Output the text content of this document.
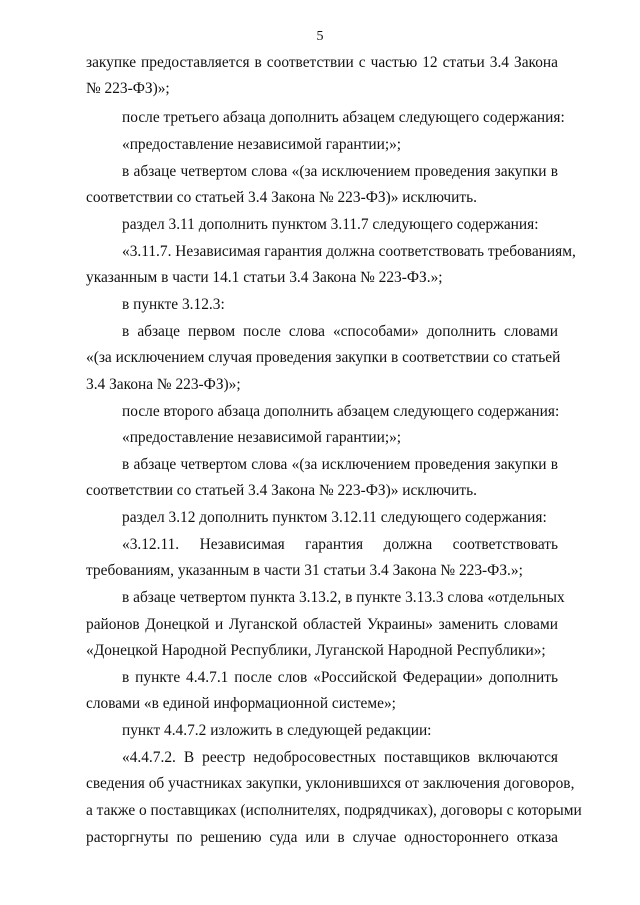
5
закупке предоставляется в соответствии с частью 12 статьи 3.4 Закона
№ 223-ФЗ)»;
после третьего абзаца дополнить абзацем следующего содержания:
«предоставление независимой гарантии;»;
в абзаце четвертом слова «(за исключением проведения закупки в
соответствии со статьей 3.4 Закона № 223-ФЗ)» исключить.
раздел 3.11 дополнить пунктом 3.11.7 следующего содержания:
«3.11.7. Независимая гарантия должна соответствовать требованиям,
указанным в части 14.1 статьи 3.4 Закона № 223-ФЗ.»;
в пункте 3.12.3:
в абзаце первом после слова «способами» дополнить словами
«(за исключением случая проведения закупки в соответствии со статьей
3.4 Закона № 223-ФЗ)»;
после второго абзаца дополнить абзацем следующего содержания:
«предоставление независимой гарантии;»;
в абзаце четвертом слова «(за исключением проведения закупки в
соответствии со статьей 3.4 Закона № 223-ФЗ)» исключить.
раздел 3.12 дополнить пунктом 3.12.11 следующего содержания:
«3.12.11. Независимая гарантия должна соответствовать
требованиям, указанным в части 31 статьи 3.4 Закона № 223-ФЗ.»;
в абзаце четвертом пункта 3.13.2, в пункте 3.13.3 слова «отдельных
районов Донецкой и Луганской областей Украины» заменить словами
«Донецкой Народной Республики, Луганской Народной Республики»;
в пункте 4.4.7.1 после слов «Российской Федерации» дополнить
словами «в единой информационной системе»;
пункт 4.4.7.2 изложить в следующей редакции:
«4.4.7.2. В реестр недобросовестных поставщиков включаются
сведения об участниках закупки, уклонившихся от заключения договоров,
а также о поставщиках (исполнителях, подрядчиках), договоры с которыми
расторгнуты по решению суда или в случае одностороннего отказа
